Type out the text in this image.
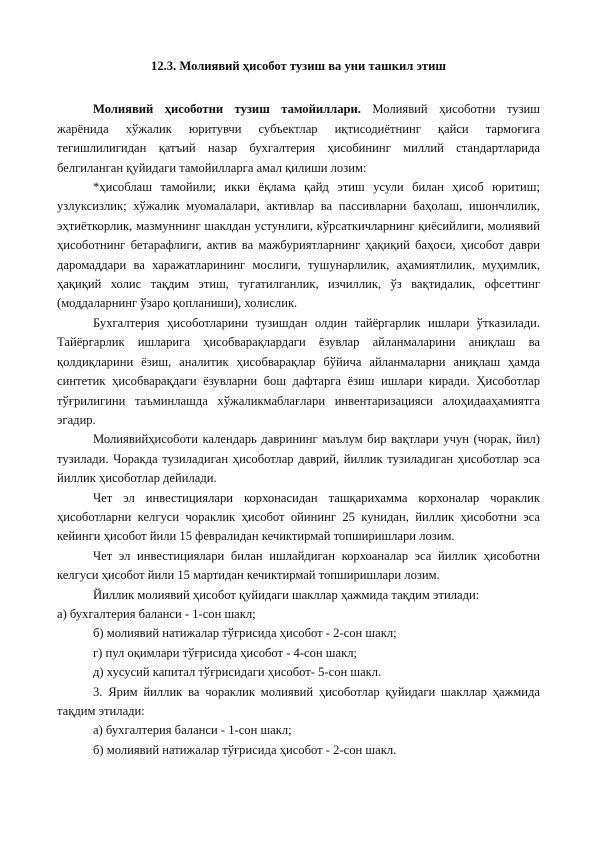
12.3. Молиявий ҳисобот тузиш ва уни ташкил этиш

Молиявий ҳисоботни тузиш тамойиллари. Молиявий ҳисоботни тузиш жарёнида хўжалик юритувчи субъектлар иқтисодиётнинг қайси тармоғига тегишлилигидан қатъий назар бухгалтерия ҳисобининг миллий стандартларида белгиланган қуйидаги тамойилларга амал қилиши лозим:

*ҳисоблаш тамойили; икки ёқлама қайд этиш усули билан ҳисоб юритиш; узлуксизлик; хўжалик муомалалари, активлар ва пассивларни баҳолаш, ишончлилик, эҳтиёткорлик, мазмуннинг шаклдан устунлиги, кўрсаткичларнинг қиёсийлиги, молиявий ҳисоботнинг бетарафлиги, актив ва мажбуриятларнинг ҳақиқий баҳоси, ҳисобот даври даромаддари ва харажатларининг мослиги, тушунарлилик, аҳамиятлилик, муҳимлик, ҳақиқий холис тақдим этиш, тугатилганлик, изчиллик, ўз вақтидалик, офсеттинг (моддаларнинг ўзаро қопланиши), холислик.

Бухгалтерия ҳисоботларини тузишдан олдин тайёргарлик ишлари ўтказилади. Тайёргарлик ишларига ҳисобварақлардаги ёзувлар айланмаларини аниқлаш ва қолдиқларини ёзиш, аналитик ҳисобварақлар бўйича айланмаларни аниқлаш ҳамда синтетик ҳисобварақдаги ёзувларни бош дафтарга ёзиш ишлари киради. Ҳисоботлар тўғрилигини таъминлашда хўжаликмаблағлари инвентаризацияси алоҳидааҳамиятга эгадир.

Молиявийҳисоботи календарь даврининг маълум бир вақтлари учун (чорак, йил) тузилади. Чоракда тузиладиган ҳисоботлар даврий, йиллик тузиладиган ҳисоботлар эса йиллик ҳисоботлар дейилади.

Чет эл инвестициялари корхонасидан ташқарихамма корхоналар чораклик ҳисоботларни келгуси чораклик ҳисобот ойининг 25 кунидан, йиллик ҳисоботни эса кейинги ҳисобот йили 15 февралидан кечиктирмай топширишлари лозим.

Чет эл инвестициялари билан ишлайдиган корхоаналар эса йиллик ҳисоботни келгуси ҳисобот йили 15 мартидан кечиктирмай топширишлари лозим.

Йиллик молиявий ҳисобот қуйидаги шакллар ҳажмида тақдим этилади:

а) бухгалтерия баланси - 1-сон шакл;

б) молиявий натижалар тўғрисида ҳисобот - 2-сон шакл;

г) пул оқимлари тўғрисида ҳисобот - 4-сон шакл;

д) хусусий капитал тўғрисидаги ҳисобот- 5-сон шакл.

3. Ярим йиллик ва чораклик молиявий ҳисоботлар қуйидаги шакллар ҳажмида тақдим этилади:

а) бухгалтерия баланси - 1-сон шакл;

б) молиявий натижалар тўғрисида ҳисобот - 2-сон шакл.
